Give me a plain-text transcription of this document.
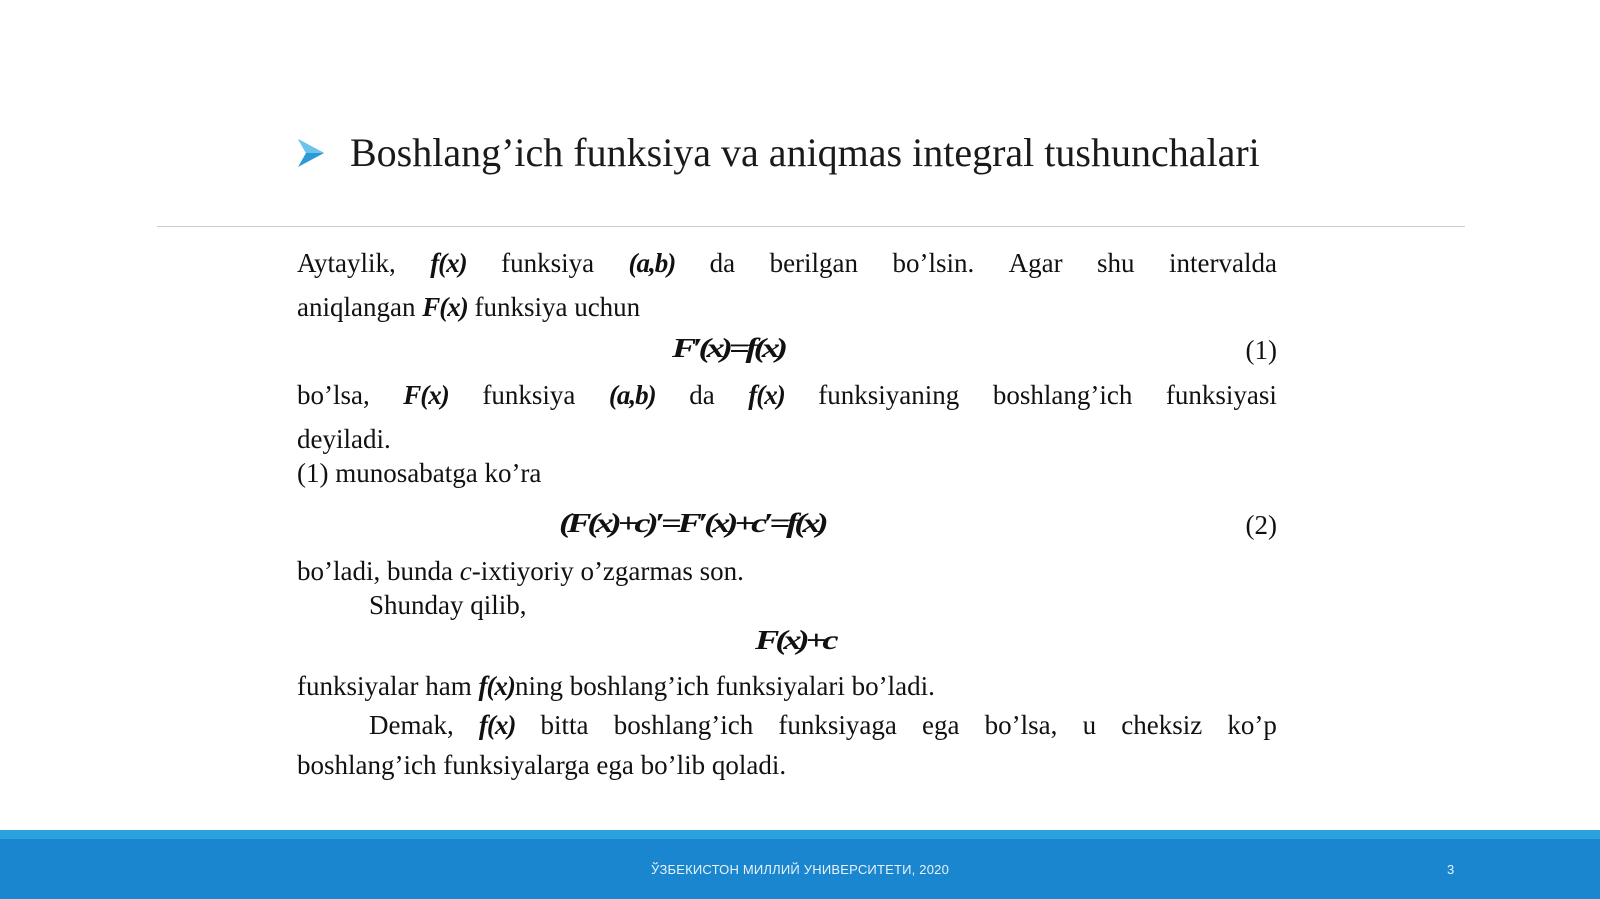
Boshlang’ich funksiya va aniqmas integral tushunchalari
Aytaylik, f(x) funksiya (a,b) da berilgan bo’lsin. Agar shu intervalda
aniqlangan F(x) funksiya uchun
F′(x)=f(x)	(1)
bo’lsa, F(x) funksiya (a,b) da f(x) funksiyaning boshlang’ich funksiyasi
deyiladi.
(1) munosabatga ko’ra
(F(x)+c)′=F′(x)+c′=f(x)	(2)
bo’ladi, bunda c-ixtiyoriy o’zgarmas son.
Shunday qilib,
F(x)+c
funksiyalar ham f(x)ning boshlang’ich funksiyalari bo’ladi.
Demak, f(x) bitta boshlang’ich funksiyaga ega bo’lsa, u cheksiz ko’p
boshlang’ich funksiyalarga ega bo’lib qoladi.
ЎЗБЕКИСТОН МИЛЛИЙ УНИВЕРСИТЕТИ, 2020	3
